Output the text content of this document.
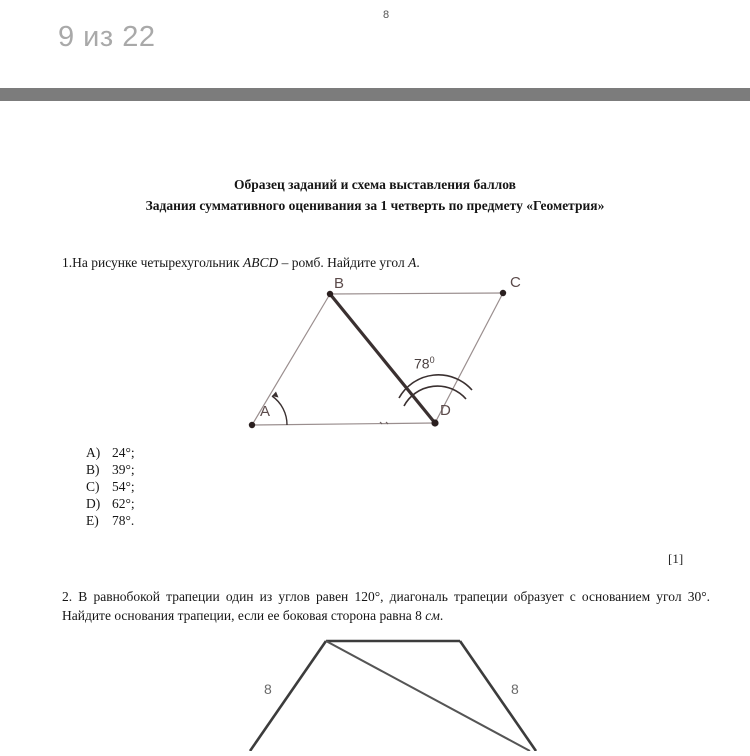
9 из 22
8
Образец заданий и схема выставления баллов
Задания суммативного оценивания за 1 четверть по предмету «Геометрия»
1.На рисунке четырехугольник ABCD – ромб. Найдите угол A.
A
B	C
D
$78^0$
A) 24°;
B) 39°;
C) 54°;
D) 62°;
E) 78°.
[1]
2. В равнобокой трапеции один из углов равен 120°, диагональ трапеции образует с основанием угол 30°. Найдите основания трапеции, если ее боковая сторона равна 8 см.
8	8
